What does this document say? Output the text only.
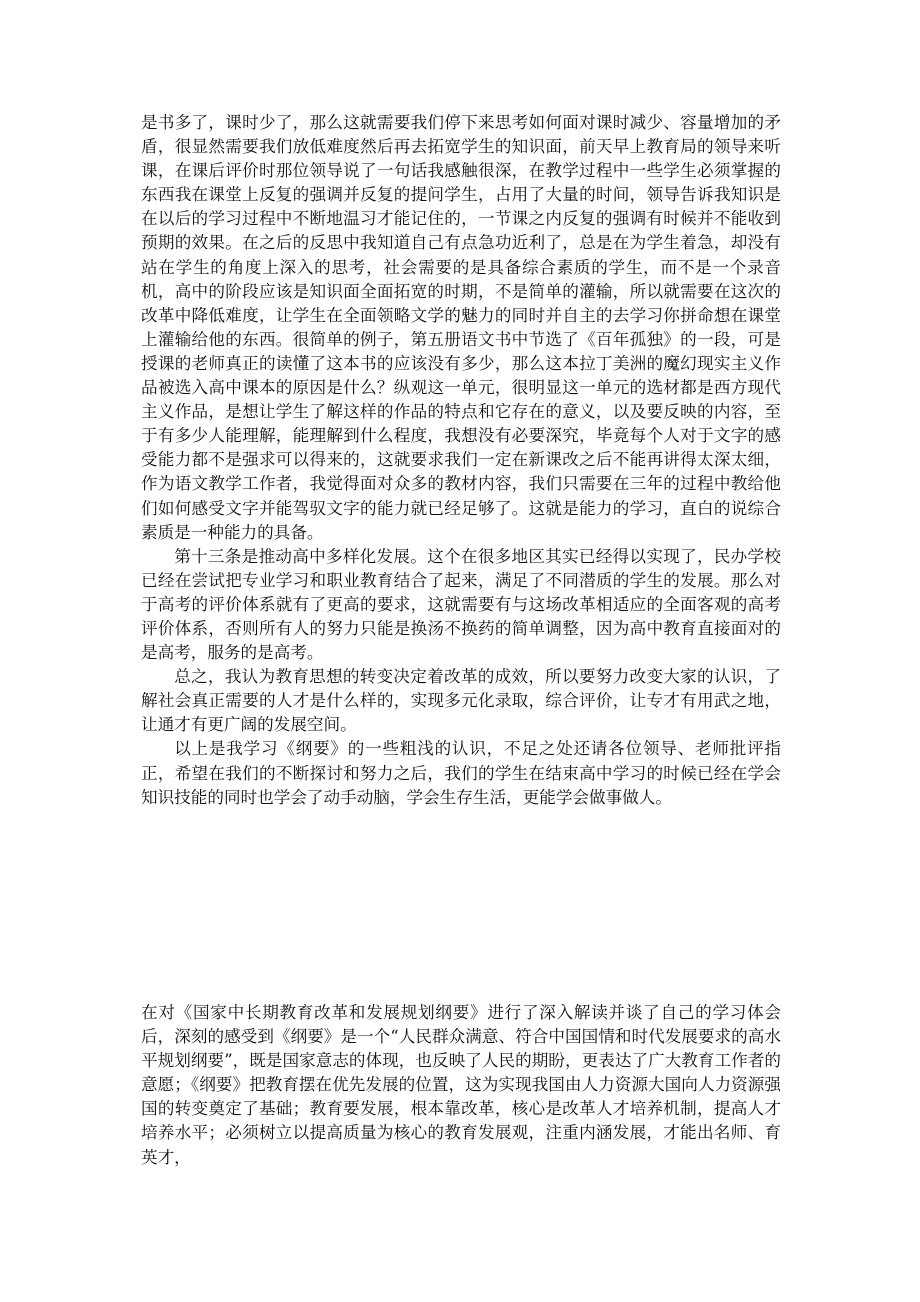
是书多了，课时少了，那么这就需要我们停下来思考如何面对课时减少、容量增加的矛盾，很显然需要我们放低难度然后再去拓宽学生的知识面，前天早上教育局的领导来听课，在课后评价时那位领导说了一句话我感触很深，在教学过程中一些学生必须掌握的东西我在课堂上反复的强调并反复的提问学生，占用了大量的时间，领导告诉我知识是在以后的学习过程中不断地温习才能记住的，一节课之内反复的强调有时候并不能收到预期的效果。在之后的反思中我知道自己有点急功近利了，总是在为学生着急，却没有站在学生的角度上深入的思考，社会需要的是具备综合素质的学生，而不是一个录音机，高中的阶段应该是知识面全面拓宽的时期，不是简单的灌输，所以就需要在这次的改革中降低难度，让学生在全面领略文学的魅力的同时并自主的去学习你拼命想在课堂上灌输给他的东西。很简单的例子，第五册语文书中节选了《百年孤独》的一段，可是授课的老师真正的读懂了这本书的应该没有多少，那么这本拉丁美洲的魔幻现实主义作品被选入高中课本的原因是什么？纵观这一单元，很明显这一单元的选材都是西方现代主义作品，是想让学生了解这样的作品的特点和它存在的意义，以及要反映的内容，至于有多少人能理解，能理解到什么程度，我想没有必要深究，毕竟每个人对于文字的感受能力都不是强求可以得来的，这就要求我们一定在新课改之后不能再讲得太深太细，作为语文教学工作者，我觉得面对众多的教材内容，我们只需要在三年的过程中教给他们如何感受文字并能驾驭文字的能力就已经足够了。这就是能力的学习，直白的说综合素质是一种能力的具备。

第十三条是推动高中多样化发展。这个在很多地区其实已经得以实现了，民办学校已经在尝试把专业学习和职业教育结合了起来，满足了不同潜质的学生的发展。那么对于高考的评价体系就有了更高的要求，这就需要有与这场改革相适应的全面客观的高考评价体系，否则所有人的努力只能是换汤不换药的简单调整，因为高中教育直接面对的是高考，服务的是高考。

总之，我认为教育思想的转变决定着改革的成效，所以要努力改变大家的认识，了解社会真正需要的人才是什么样的，实现多元化录取，综合评价，让专才有用武之地，让通才有更广阔的发展空间。

以上是我学习《纲要》的一些粗浅的认识，不足之处还请各位领导、老师批评指正，希望在我们的不断探讨和努力之后，我们的学生在结束高中学习的时候已经在学会知识技能的同时也学会了动手动脑，学会生存生活，更能学会做事做人。

在对《国家中长期教育改革和发展规划纲要》进行了深入解读并谈了自己的学习体会后，深刻的感受到《纲要》是一个“人民群众满意、符合中国国情和时代发展要求的高水平规划纲要”，既是国家意志的体现，也反映了人民的期盼，更表达了广大教育工作者的意愿；《纲要》把教育摆在优先发展的位置，这为实现我国由人力资源大国向人力资源强国的转变奠定了基础；教育要发展，根本靠改革，核心是改革人才培养机制，提高人才培养水平；必须树立以提高质量为核心的教育发展观，注重内涵发展，才能出名师、育英才，
